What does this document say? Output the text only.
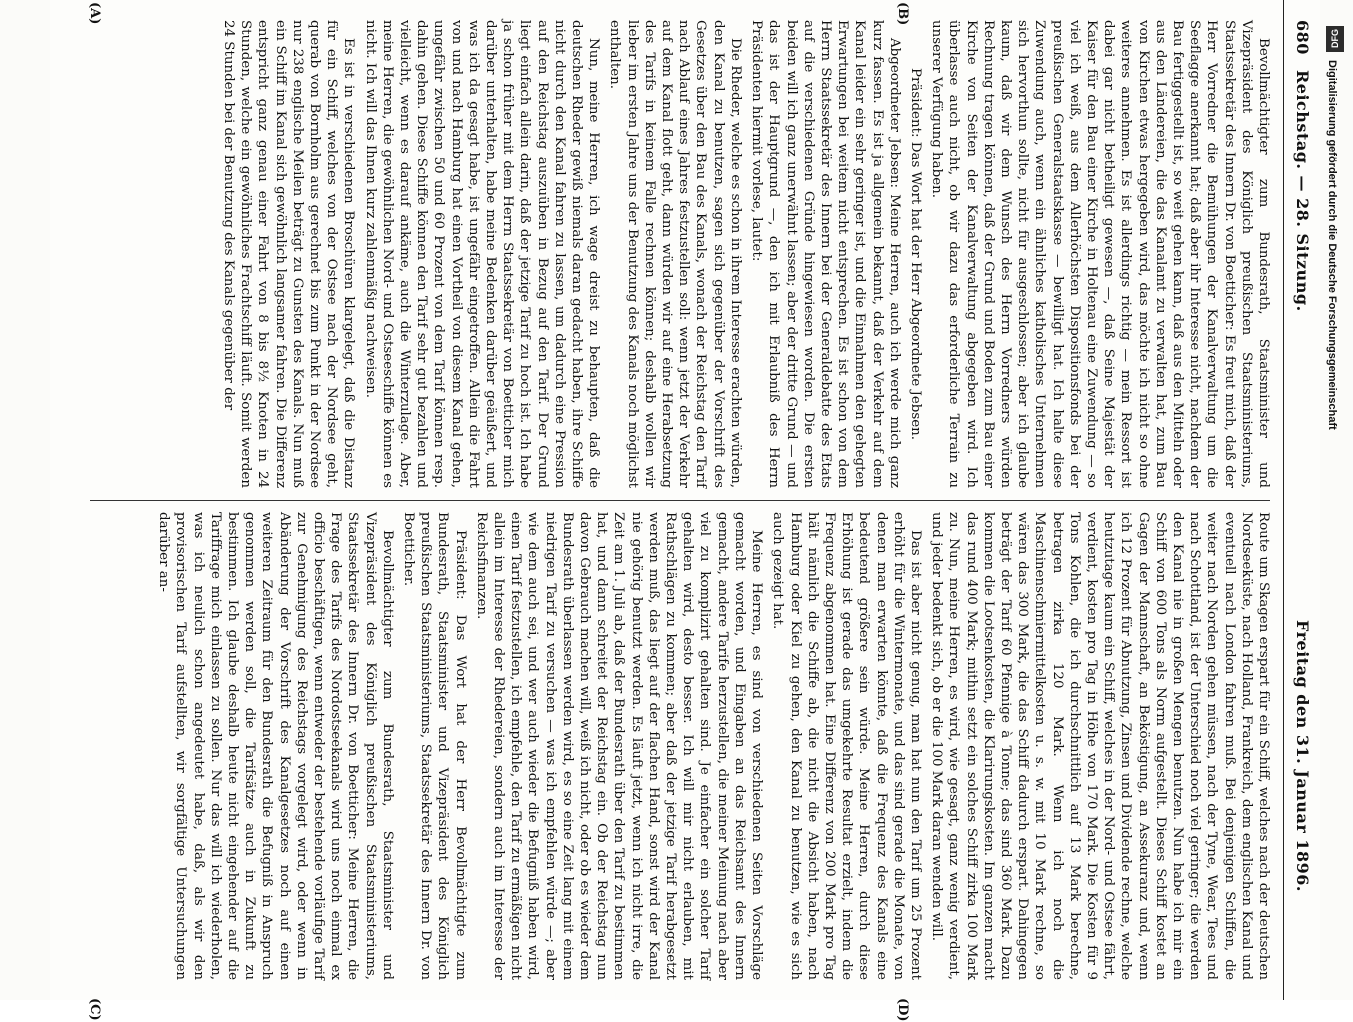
680
Reichstag. — 28. Sitzung.
Freitag den 31. Januar 1896.

Bevollmächtigter zum Bundesrath, Staatsminister und Vizepräsident des Königlich preußischen Staatsministeriums, Staatssekretär des Innern Dr. von Boetticher: Es freut mich, daß der Herr Vorredner die Bemühungen der Kanalverwaltung um die Seeflagge anerkannt hat; daß aber ihr Interesse nicht, nachdem der Bau fertiggestellt ist, so weit gehen kann, daß aus den Mitteln oder aus den Ländereien, die das Kanalamt zu verwalten hat, zum Bau von Kirchen etwas hergegeben wird, das möchte ich nicht so ohne weiteres annehmen. Es ist allerdings richtig — mein Ressort ist dabei gar nicht betheiligt gewesen —, daß Seine Majestät der Kaiser für den Bau einer Kirche in Holtenau eine Zuwendung — so viel ich weiß, aus dem Allerhöchsten Dispositionsfonds bei der preußischen Generalstaatskasse — bewilligt hat. Ich halte diese Zuwendung auch, wenn ein ähnliches katholisches Unternehmen sich hervorthun sollte, nicht für ausgeschlossen; aber ich glaube kaum, daß wir dem Wunsch des Herrn Vorredners würden Rechnung tragen können, daß der Grund und Boden zum Bau einer Kirche von Seiten der Kanalverwaltung abgegeben wird. Ich überlasse auch nicht, ob wir dazu das erforderliche Terrain zu unserer Verfügung haben.

Präsident: Das Wort hat der Herr Abgeordnete Jebsen.

Abgeordneter Jebsen: Meine Herren, auch ich werde mich ganz kurz fassen. Es ist ja allgemein bekannt, daß der Verkehr auf dem Kanal leider ein sehr geringer ist, und die Einnahmen den gehegten Erwartungen bei weitem nicht entsprechen. Es ist schon von dem Herrn Staatssekretär des Innern bei der Generaldebatte des Etats auf die verschiedenen Gründe hingewiesen worden. Die ersten beiden will ich ganz unerwähnt lassen; aber der dritte Grund — und das ist der Hauptgrund —, den ich mit Erlaubniß des Herrn Präsidenten hiermit vorlese, lautet:

Die Rheder, welche es schon in ihrem Interesse erachten würden, den Kanal zu benutzen, sagen sich gegenüber der Vorschrift des Gesetzes über den Bau des Kanals, wonach der Reichstag den Tarif nach Ablauf eines Jahres festzustellen soll: wenn jetzt der Verkehr auf dem Kanal flott geht, dann würden wir auf eine Herabsetzung des Tarifs in keinem Falle rechnen können; deshalb wollen wir lieber im ersten Jahre uns der Benutzung des Kanals noch möglichst enthalten.

Nun, meine Herren, ich wage dreist zu behaupten, daß die deutschen Rheder gewiß niemals daran gedacht haben, ihre Schiffe nicht durch den Kanal fahren zu lassen, um dadurch eine Pression auf den Reichstag auszuüben in Bezug auf den Tarif. Der Grund liegt einfach allein darin, daß der jetzige Tarif zu hoch ist. Ich habe ja schon früher mit dem Herrn Staatssekretär von Boetticher mich darüber unterhalten, habe meine Bedenken darüber geäußert, und was ich da gesagt habe, ist ungefähr eingetroffen. Allein die Fahrt von und nach Hamburg hat einen Vortheil von diesem Kanal gehen, ungefähr zwischen 50 und 60 Prozent von dem Tarif können resp. dahin gehen. Diese Schiffe können den Tarif sehr gut bezahlen und vielleicht, wenn es darauf ankäme, auch die Winterzulage. Aber, meine Herren, die gewöhnlichen Nord- und Ostseeschiffe können es nicht. Ich will das Ihnen kurz zahlenmäßig nachweisen.

Es ist in verschiedenen Broschüren klargelegt, daß die Distanz für ein Schiff, welches von der Ostsee nach der Nordsee geht, querab von Bornholm aus gerechnet bis zum Punkt in der Nordsee nur 238 englische Meilen beträgt zu Gunsten des Kanals. Nun muß ein Schiff im Kanal sich gewöhnlich langsamer fahren. Die Differenz entspricht ganz genau einer Fahrt von 8 bis 8½ Knoten in 24 Stunden, welche ein gewöhnliches Frachtschiff läuft. Somit werden 24 Stunden bei der Benutzung des Kanals gegenüber der

Route um Skagen erspart für ein Schiff, welches nach der deutschen Nordseeküste, nach Holland, Frankreich, dem englischen Kanal und eventuell nach London fahren muß. Bei denjenigen Schiffen, die weiter nach Norden gehen müssen, nach der Tyne, Wear, Tees und nach Schottland, ist der Unterschied noch viel geringer; die werden den Kanal nie in großen Mengen benutzen. Nun habe ich mir ein Schiff von 600 Tons als Norm aufgestellt. Dieses Schiff kostet an Gagen der Mannschaft, an Beköstigung, an Assekuranz und, wenn ich 12 Prozent für Abnutzung, Zinsen und Dividende rechne, welche heutzutage kaum ein Schiff, welches in der Nord- und Ostsee fährt, verdient, kosten pro Tag in Höhe von 170 Mark. Die Kosten für 9 Tons Kohlen, die ich durchschnittlich auf 13 Mark berechne, betragen zirka 120 Mark. Wenn ich noch die Maschinenschmiermittelkosten u. s. w. mit 10 Mark rechne, so wären das 300 Mark, die das Schiff dadurch erspart. Dahingegen beträgt der Tarif 60 Pfennige à Tonne; das sind 360 Mark. Dazu kommen die Lootsenkosten, die Klarirungskosten. Im ganzen macht das rund 400 Mark; mithin setzt ein solches Schiff zirka 100 Mark zu. Nun, meine Herren, es wird, wie gesagt, ganz wenig verdient, und jeder bedenkt sich, ob er die 100 Mark daran wenden will.

Das ist aber nicht genug, man hat nun den Tarif um 25 Prozent erhöht für die Wintermonate, und das sind gerade die Monate, von denen man erwarten könnte, daß die Frequenz des Kanals eine bedeutend größere sein würde. Meine Herren, durch diese Erhöhung ist gerade das umgekehrte Resultat erzielt, indem die Frequenz abgenommen hat. Eine Differenz von 200 Mark pro Tag hält nämlich die Schiffe ab, die nicht die Absicht haben, nach Hamburg oder Kiel zu gehen, den Kanal zu benutzen, wie es sich auch gezeigt hat.

Meine Herren, es sind von verschiedenen Seiten Vorschläge gemacht worden, und Eingaben an das Reichsamt des Innern gemacht, andere Tarife herzustellen, die meiner Meinung nach aber viel zu komplizirt gehalten sind. Je einfacher ein solcher Tarif gehalten wird, desto besser. Ich will mir nicht erlauben, mit Rathschlägen zu kommen; aber daß der jetzige Tarif herabgesetzt werden muß, das liegt auf der flachen Hand, sonst wird der Kanal nie gehörig benutzt werden. Es läuft jetzt, wenn ich nicht irre, die Zeit am 1. Juli ab, daß der Bundesrath über den Tarif zu bestimmen hat, und dann schreitet der Reichstag ein. Ob der Reichstag nun davon Gebrauch machen will, weiß ich nicht, oder ob es wieder dem Bundesrath überlassen werden wird, es so eine Zeit lang mit einem niedrigen Tarif zu versuchen — was ich empfehlen würde —; aber wie dem auch sei, und wer auch wieder die Befugniß haben wird, einen Tarif festzustellen, ich empfehle, den Tarif zu ermäßigen nicht allein im Interesse der Rhedereien, sondern auch im Interesse der Reichsfinanzen.

Präsident: Das Wort hat der Herr Bevollmächtigte zum Bundesrath, Staatsminister und Vizepräsident des Königlich preußischen Staatsministeriums, Staatssekretär des Innern Dr. von Boetticher.

Bevollmächtigter zum Bundesrath, Staatsminister und Vizepräsident des Königlich preußischen Staatsministeriums, Staatssekretär des Innern Dr. von Boetticher: Meine Herren, die Frage des Tarifs des Nordostseekanals wird uns noch einmal ex officio beschäftigen, wenn entweder der bestehende vorläufige Tarif zur Genehmigung des Reichstags vorgelegt wird, oder wenn in Abänderung der Vorschrift des Kanalgesetzes noch auf einen weiteren Zeitraum für den Bundesrath die Befugniß in Anspruch genommen werden soll, die Tarifsätze auch in Zukunft zu bestimmen. Ich glaube deshalb heute nicht eingehender auf die Tariffrage mich einlassen zu sollen. Nur das will ich wiederholen, was ich neulich schon angedeutet habe, daß, als wir den provisorischen Tarif aufstellten, wir sorgfältige Untersuchungen darüber an-

(A)	(B)
(C)	(D)
DFG
Digitalisierung gefördert durch die Deutsche Forschungsgemeinschaft
